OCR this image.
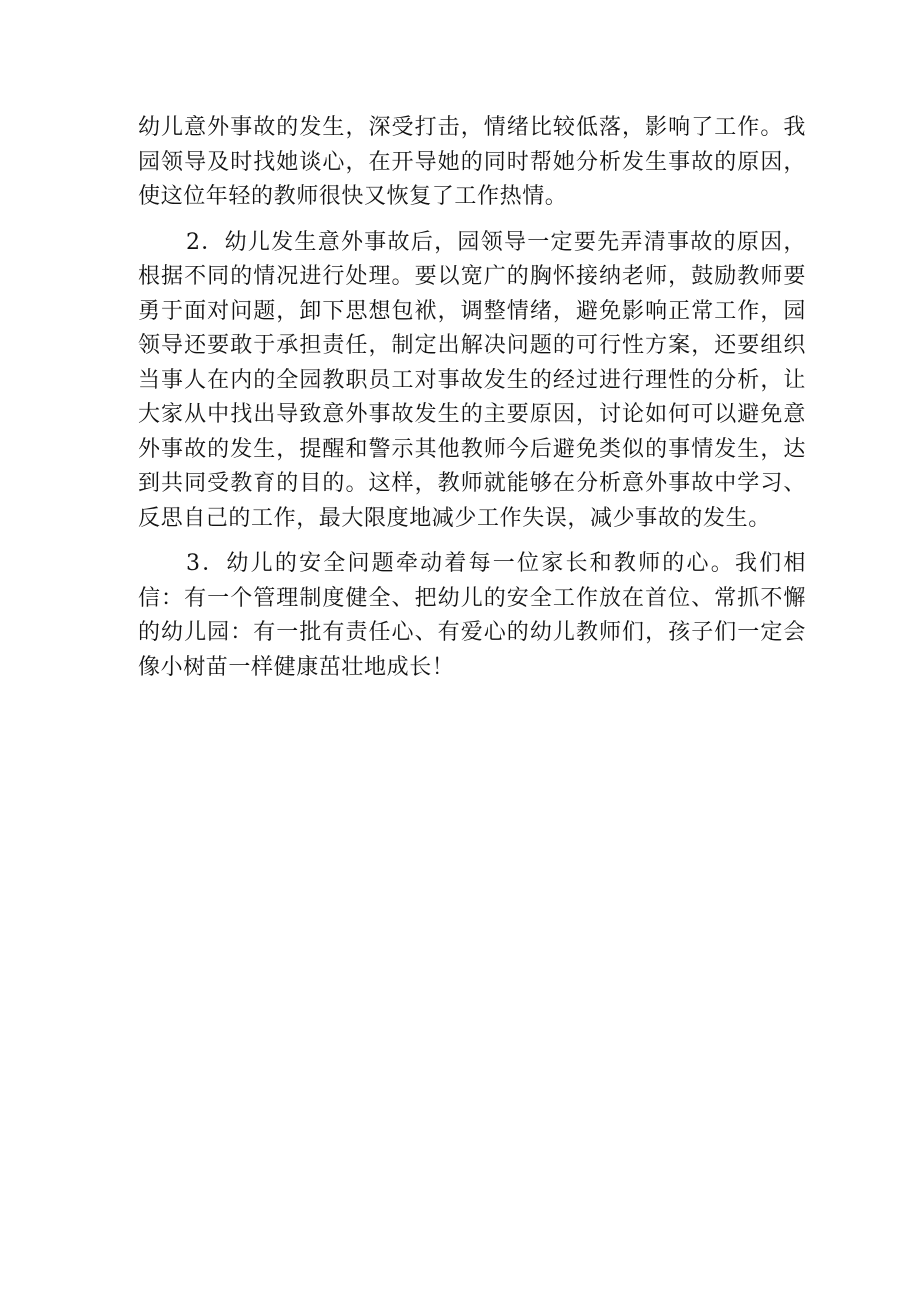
幼儿意外事故的发生，深受打击，情绪比较低落，影响了工作。我园领导及时找她谈心，在开导她的同时帮她分析发生事故的原因，使这位年轻的教师很快又恢复了工作热情。

2．幼儿发生意外事故后，园领导一定要先弄清事故的原因，根据不同的情况进行处理。要以宽广的胸怀接纳老师，鼓励教师要勇于面对问题，卸下思想包袱，调整情绪，避免影响正常工作，园领导还要敢于承担责任，制定出解决问题的可行性方案，还要组织当事人在内的全园教职员工对事故发生的经过进行理性的分析，让大家从中找出导致意外事故发生的主要原因，讨论如何可以避免意外事故的发生，提醒和警示其他教师今后避免类似的事情发生，达到共同受教育的目的。这样，教师就能够在分析意外事故中学习、反思自己的工作，最大限度地减少工作失误，减少事故的发生。

3．幼儿的安全问题牵动着每一位家长和教师的心。我们相信：有一个管理制度健全、把幼儿的安全工作放在首位、常抓不懈的幼儿园：有一批有责任心、有爱心的幼儿教师们，孩子们一定会像小树苗一样健康茁壮地成长！
